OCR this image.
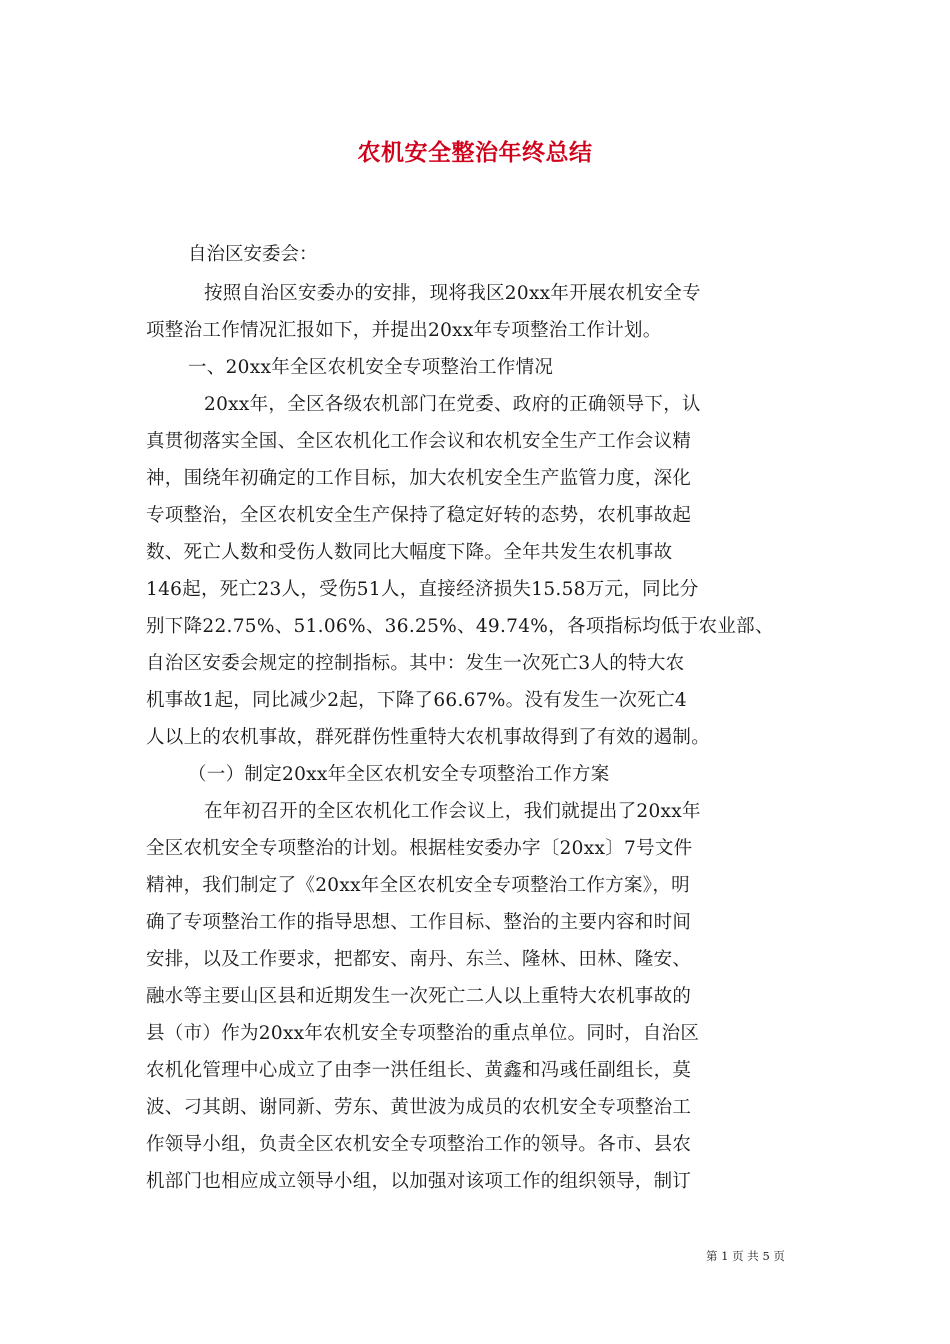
农机安全整治年终总结
自治区安委会：
按照自治区安委办的安排，现将我区20xx年开展农机安全专
项整治工作情况汇报如下，并提出20xx年专项整治工作计划。
一、20xx年全区农机安全专项整治工作情况
20xx年，全区各级农机部门在党委、政府的正确领导下，认
真贯彻落实全国、全区农机化工作会议和农机安全生产工作会议精
神，围绕年初确定的工作目标，加大农机安全生产监管力度，深化
专项整治，全区农机安全生产保持了稳定好转的态势，农机事故起
数、死亡人数和受伤人数同比大幅度下降。全年共发生农机事故
146起，死亡23人，受伤51人，直接经济损失15.58万元，同比分
别下降22.75%、51.06%、36.25%、49.74%，各项指标均低于农业部、
自治区安委会规定的控制指标。其中：发生一次死亡3人的特大农
机事故1起，同比减少2起，下降了66.67%。没有发生一次死亡4
人以上的农机事故，群死群伤性重特大农机事故得到了有效的遏制。
（一）制定20xx年全区农机安全专项整治工作方案
在年初召开的全区农机化工作会议上，我们就提出了20xx年
全区农机安全专项整治的计划。根据桂安委办字〔20xx〕7号文件
精神，我们制定了《20xx年全区农机安全专项整治工作方案》，明
确了专项整治工作的指导思想、工作目标、整治的主要内容和时间
安排，以及工作要求，把都安、南丹、东兰、隆林、田林、隆安、
融水等主要山区县和近期发生一次死亡二人以上重特大农机事故的
县（市）作为20xx年农机安全专项整治的重点单位。同时，自治区
农机化管理中心成立了由李一洪任组长、黄鑫和冯彧任副组长，莫
波、刁其朗、谢同新、劳东、黄世波为成员的农机安全专项整治工
作领导小组，负责全区农机安全专项整治工作的领导。各市、县农
机部门也相应成立领导小组，以加强对该项工作的组织领导，制订
第 1 页 共 5 页
